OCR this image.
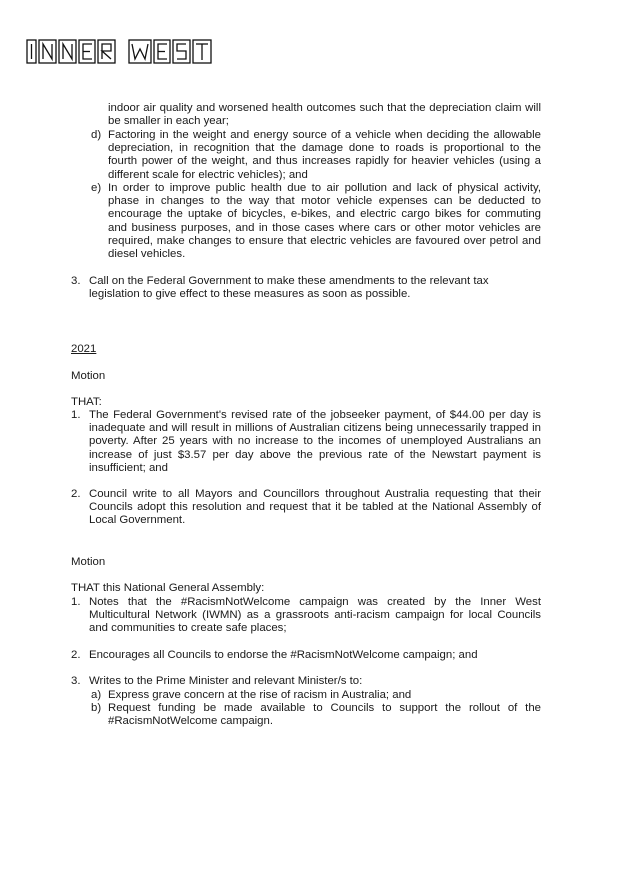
indoor air quality and worsened health outcomes such that the depreciation claim will be smaller in each year;

d) Factoring in the weight and energy source of a vehicle when deciding the allowable depreciation, in recognition that the damage done to roads is proportional to the fourth power of the weight, and thus increases rapidly for heavier vehicles (using a different scale for electric vehicles); and
e) In order to improve public health due to air pollution and lack of physical activity, phase in changes to the way that motor vehicle expenses can be deducted to encourage the uptake of bicycles, e-bikes, and electric cargo bikes for commuting and business purposes, and in those cases where cars or other motor vehicles are required, make changes to ensure that electric vehicles are favoured over petrol and diesel vehicles.
3. Call on the Federal Government to make these amendments to the relevant tax legislation to give effect to these measures as soon as possible.

2021

Motion

THAT:

1. The Federal Government's revised rate of the jobseeker payment, of $44.00 per day is inadequate and will result in millions of Australian citizens being unnecessarily trapped in poverty. After 25 years with no increase to the incomes of unemployed Australians an increase of just $3.57 per day above the previous rate of the Newstart payment is insufficient; and
2. Council write to all Mayors and Councillors throughout Australia requesting that their Councils adopt this resolution and request that it be tabled at the National Assembly of Local Government.

Motion

THAT this National General Assembly:

1. Notes that the #RacismNotWelcome campaign was created by the Inner West Multicultural Network (IWMN) as a grassroots anti-racism campaign for local Councils and communities to create safe places;
2. Encourages all Councils to endorse the #RacismNotWelcome campaign; and
3. Writes to the Prime Minister and relevant Minister/s to:
a) Express grave concern at the rise of racism in Australia; and
b) Request funding be made available to Councils to support the rollout of the #RacismNotWelcome campaign.
